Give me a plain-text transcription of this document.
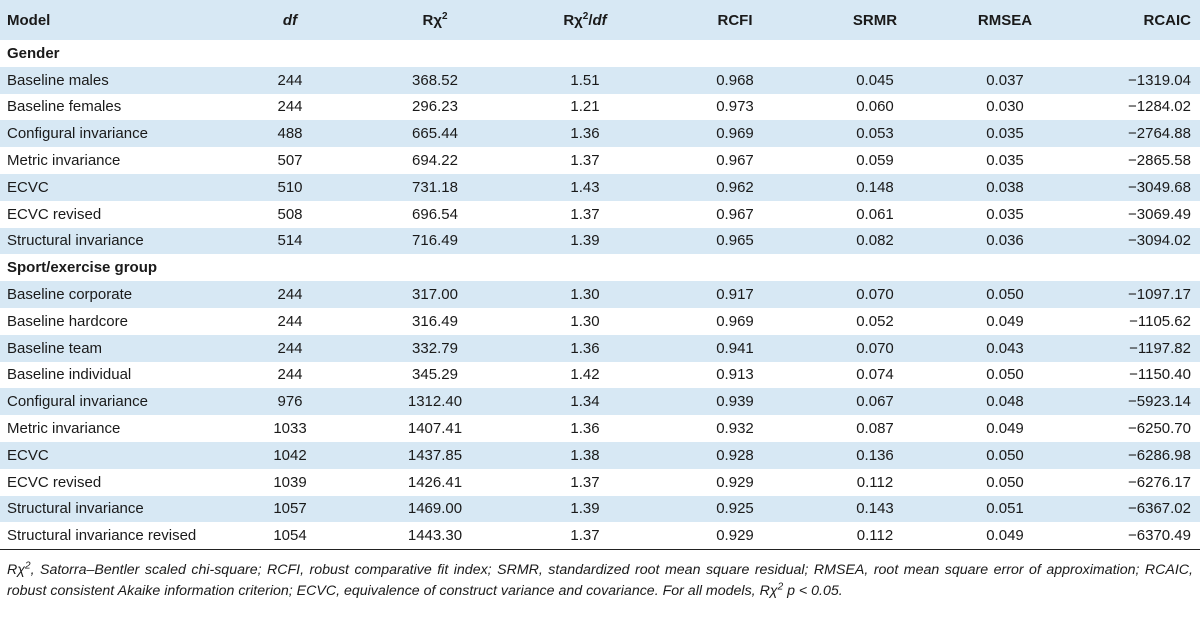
Model	df	$R\chi^2$	$R\chi^2/df$	RCFI	SRMR	RMSEA	RCAIC
Gender							
Baseline males	244	368.52	1.51	0.968	0.045	0.037	−1319.04
Baseline females	244	296.23	1.21	0.973	0.060	0.030	−1284.02
Configural invariance	488	665.44	1.36	0.969	0.053	0.035	−2764.88
Metric invariance	507	694.22	1.37	0.967	0.059	0.035	−2865.58
ECVC	510	731.18	1.43	0.962	0.148	0.038	−3049.68
ECVC revised	508	696.54	1.37	0.967	0.061	0.035	−3069.49
Structural invariance	514	716.49	1.39	0.965	0.082	0.036	−3094.02
Sport/exercise group							
Baseline corporate	244	317.00	1.30	0.917	0.070	0.050	−1097.17
Baseline hardcore	244	316.49	1.30	0.969	0.052	0.049	−1105.62
Baseline team	244	332.79	1.36	0.941	0.070	0.043	−1197.82
Baseline individual	244	345.29	1.42	0.913	0.074	0.050	−1150.40
Configural invariance	976	1312.40	1.34	0.939	0.067	0.048	−5923.14
Metric invariance	1033	1407.41	1.36	0.932	0.087	0.049	−6250.70
ECVC	1042	1437.85	1.38	0.928	0.136	0.050	−6286.98
ECVC revised	1039	1426.41	1.37	0.929	0.112	0.050	−6276.17
Structural invariance	1057	1469.00	1.39	0.925	0.143	0.051	−6367.02
Structural invariance revised	1054	1443.30	1.37	0.929	0.112	0.049	−6370.49

$R\chi^2$, Satorra–Bentler scaled chi-square; RCFI, robust comparative fit index; SRMR, standardized root mean square residual; RMSEA, root mean square error of approximation; RCAIC, robust consistent Akaike information criterion; ECVC, equivalence of construct variance and covariance. For all models, $R\chi^2$ p < 0.05.
